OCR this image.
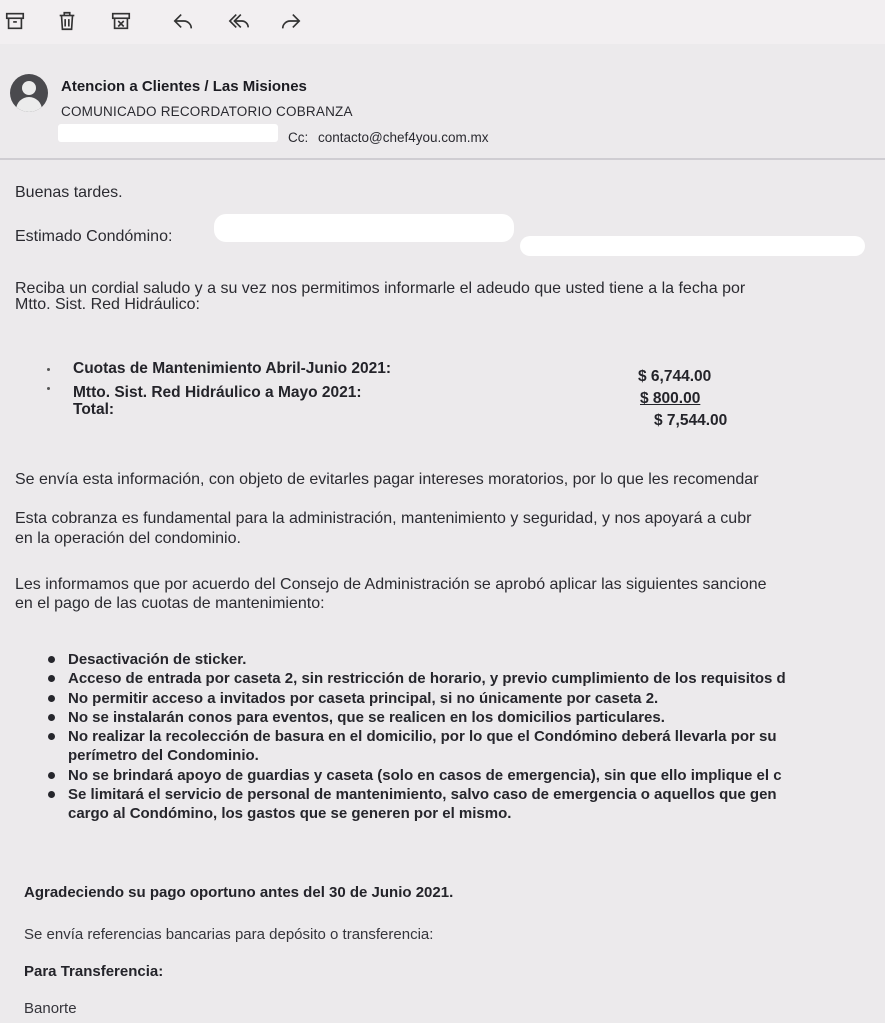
Atencion a Clientes / Las Misiones
COMUNICADO RECORDATORIO COBRANZA
Cc: contacto@chef4you.com.mx
Buenas tardes.
Estimado Condómino:
Reciba un cordial saludo y a su vez nos permitimos informarle el adeudo que usted tiene a la fecha por
Mtto. Sist. Red Hidráulico:
Cuotas de Mantenimiento Abril-Junio 2021:	$ 6,744.00
Mtto. Sist. Red Hidráulico a Mayo 2021:	$ 800.00
Total:
$ 7,544.00
Se envía esta información, con objeto de evitarles pagar intereses moratorios, por lo que les recomendar
Esta cobranza es fundamental para la administración, mantenimiento y seguridad, y nos apoyará a cubr
en la operación del condominio.
Les informamos que por acuerdo del Consejo de Administración se aprobó aplicar las siguientes sancione
en el pago de las cuotas de mantenimiento:
Desactivación de sticker.
Acceso de entrada por caseta 2, sin restricción de horario, y previo cumplimiento de los requisitos d
No permitir acceso a invitados por caseta principal, si no únicamente por caseta 2.
No se instalarán conos para eventos, que se realicen en los domicilios particulares.
No realizar la recolección de basura en el domicilio, por lo que el Condómino deberá llevarla por su
perímetro del Condominio.
No se brindará apoyo de guardias y caseta (solo en casos de emergencia), sin que ello implique el c
Se limitará el servicio de personal de mantenimiento, salvo caso de emergencia o aquellos que gen
cargo al Condómino, los gastos que se generen por el mismo.
Agradeciendo su pago oportuno antes del 30 de Junio 2021.
Se envía referencias bancarias para depósito o transferencia:
Para Transferencia:
Banorte
